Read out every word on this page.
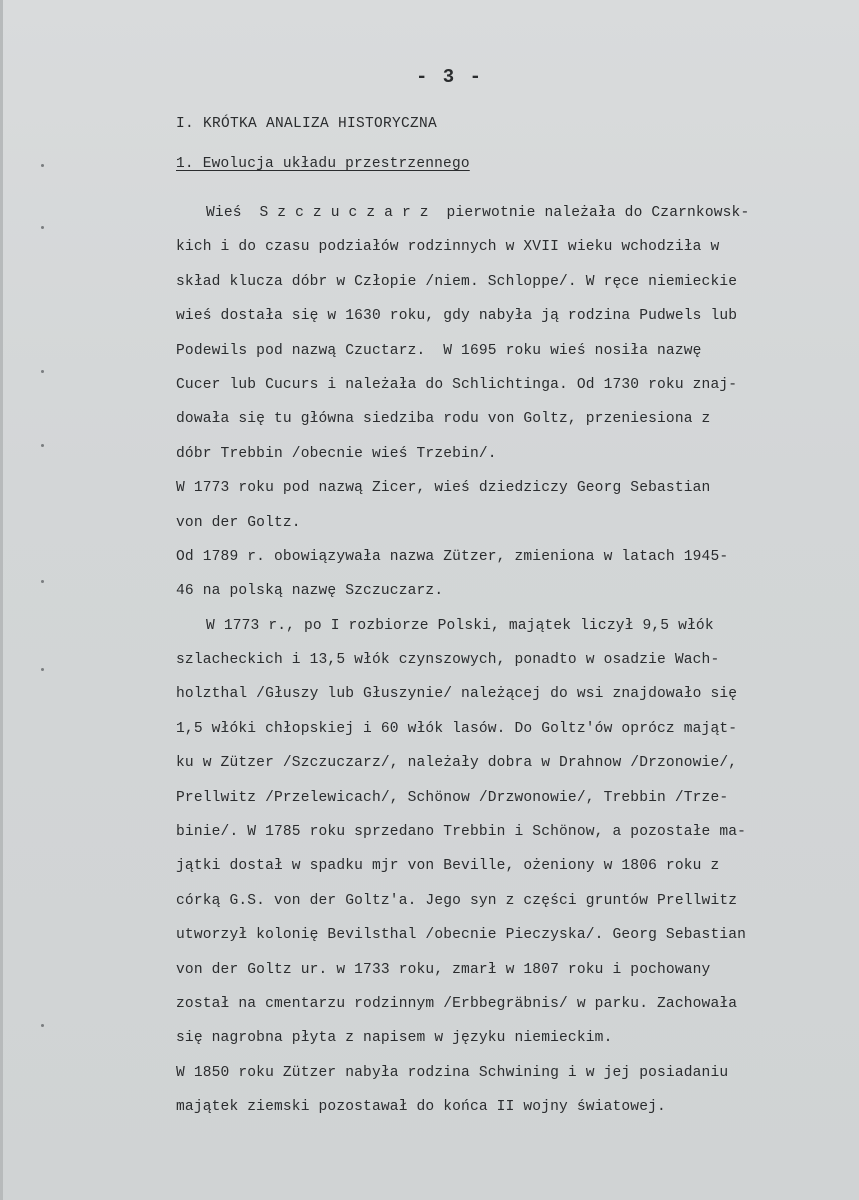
- 3 -
I. KRÓTKA ANALIZA HISTORYCZNA
1. Ewolucja układu przestrzennego
Wieś  S z c z u c z a r z  pierwotnie należała do Czarnkowsk-
kich i do czasu podziałów rodzinnych w XVII wieku wchodziła w
skład klucza dóbr w Człopie /niem. Schloppe/. W ręce niemieckie
wieś dostała się w 1630 roku, gdy nabyła ją rodzina Pudwels lub
Podewils pod nazwą Czuctarz.  W 1695 roku wieś nosiła nazwę
Cucer lub Cucurs i należała do Schlichtinga. Od 1730 roku znaj-
dowała się tu główna siedziba rodu von Goltz, przeniesiona z
dóbr Trebbin /obecnie wieś Trzebin/.
W 1773 roku pod nazwą Zicer, wieś dziedziczy Georg Sebastian
von der Goltz.
Od 1789 r. obowiązywała nazwa Zützer, zmieniona w latach 1945-
46 na polską nazwę Szczuczarz.
W 1773 r., po I rozbiorze Polski, majątek liczył 9,5 włók
szlacheckich i 13,5 włók czynszowych, ponadto w osadzie Wach-
holzthal /Głuszy lub Głuszynie/ należącej do wsi znajdowało się
1,5 włóki chłopskiej i 60 włók lasów. Do Goltz'ów oprócz mająt-
ku w Zützer /Szczuczarz/, należały dobra w Drahnow /Drzonowie/,
Prellwitz /Przelewicach/, Schönow /Drzwonowie/, Trebbin /Trze-
binie/. W 1785 roku sprzedano Trebbin i Schönow, a pozostałe ma-
jątki dostał w spadku mjr von Beville, ożeniony w 1806 roku z
córką G.S. von der Goltz'a. Jego syn z części gruntów Prellwitz
utworzył kolonię Bevilsthal /obecnie Pieczyska/. Georg Sebastian
von der Goltz ur. w 1733 roku, zmarł w 1807 roku i pochowany
został na cmentarzu rodzinnym /Erbbegräbnis/ w parku. Zachowała
się nagrobna płyta z napisem w języku niemieckim.
W 1850 roku Zützer nabyła rodzina Schwining i w jej posiadaniu
majątek ziemski pozostawał do końca II wojny światowej.
